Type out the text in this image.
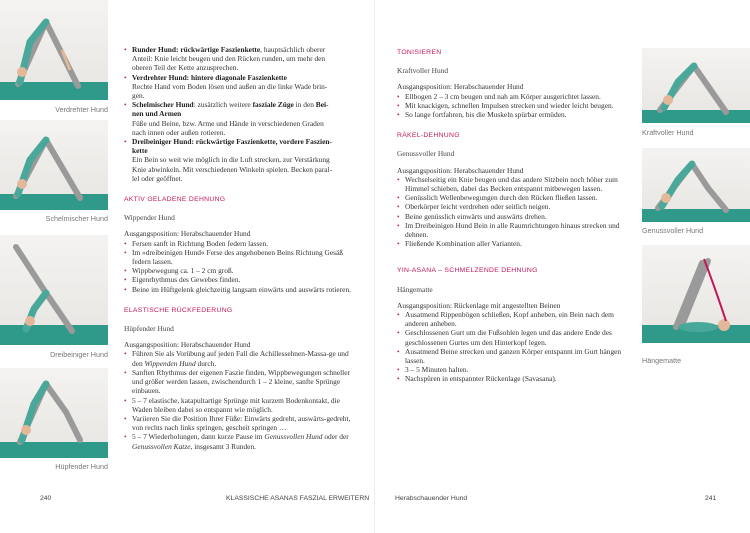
Verdrehter Hund
Schelmischer Hund
Dreibeiniger Hund
Hüpfender Hund
• Runder Hund: rückwärtige Faszienkette, hauptsächlich oberer
Anteil: Knie leicht beugen und den Rücken runden, um mehr den
oberen Teil der Kette anzusprechen.
• Verdrehter Hund: hintere diagonale Faszienkette
Rechte Hand vom Boden lösen und außen an die linke Wade brin-
gen.
• Schelmischer Hund: zusätzlich weitere fasziale Züge in den Bei-
nen und Armen
Füße und Beine, bzw. Arme und Hände in verschiedenen Graden
nach innen oder außen rotieren.
• Dreibeiniger Hund: rückwärtige Faszienkette, vordere Faszien-
kette
Ein Bein so weit wie möglich in die Luft strecken, zur Verstärkung
Knie abwinkeln. Mit verschiedenen Winkeln spielen. Becken paral-
lel oder geöffnet.

AKTIV GELADENE DEHNUNG

Wippender Hund

Ausgangsposition: Herabschauender Hund

• Fersen sanft in Richtung Boden federn lassen.
• Im »dreibeinigen Hund« Ferse des angehobenen Beins Richtung Gesäß federn lassen.
• Wippbewegung ca. 1 – 2 cm groß.
• Eigenrhythmus des Gewebes finden.
• Beine im Hüftgelenk gleichzeitig langsam einwärts und auswärts rotieren.

ELASTISCHE RÜCKFEDERUNG

Hüpfender Hund

Ausgangsposition: Herabschauender Hund

• Führen Sie als Vorübung auf jeden Fall die Achillessehnen-Massa-ge und den Wippenden Hund durch.
• Sanften Rhythmus der eigenen Faszie finden, Wippbewegungen schneller und größer werden lassen, zwischendurch 1 – 2 kleine, sanfte Sprünge einbauen.
• 5 – 7 elastische, katapultartige Sprünge mit kurzem Bodenkontakt, die Waden bleiben dabei so entspannt wie möglich.
• Variieren Sie die Position Ihrer Füße: Einwärts gedreht, auswärts-gedreht, von rechts nach links springen, gescheit springen …
• 5 – 7 Wiederholungen, dann kurze Pause im Genussvollen Hund oder der Genussvollen Katze, insgesamt 3 Runden.
240	KLASSISCHE ASANAS FASZIAL ERWEITERN

TONISIEREN

Kraftvoller Hund

Ausgangsposition: Herabschauender Hund

• Ellbogen 2 – 3 cm beugen und nah am Körper ausgerichtet lassen.
• Mit knackigen, schnellen Impulsen strecken und wieder leicht beugen.
• So lange fortfahren, bis die Muskeln spürbar ermüden.

RÄKEL-DEHNUNG

Genussvoller Hund

Ausgangsposition: Herabschauender Hund

• Wechselseitig ein Knie beugen und das andere Sitzbein noch höher zum Himmel schieben, dabei das Becken entspannt mitbewegen lassen.
• Genüsslich Wellenbewegungen durch den Rücken fließen lassen.
• Oberkörper leicht verdrehen oder seitlich neigen.
• Beine genüsslich einwärts und auswärts drehen.
• Im Dreibeinigen Hund Bein in alle Raumrichtungen hinaus strecken und dehnen.
• Fließende Kombination aller Varianten.

YIN-ASANA – SCHMELZENDE DEHNUNG

Hängematte

Ausgangsposition: Rückenlage mit angestellten Beinen

• Ausatmend Rippenbögen schließen, Kopf anheben, ein Bein nach dem anderen anheben.
• Geschlossenen Gurt um die Fußsohlen legen und das andere Ende des geschlossenen Gurtes um den Hinterkopf legen.
• Ausatmend Beine strecken und ganzen Körper entspannt im Gurt hängen lassen.
• 3 – 5 Minuten halten.
• Nachspüren in entspannter Rückenlage (Savasana).
Kraftvoller Hund
Genussvoller Hund
Hängematte
Herabschauender Hund	241
